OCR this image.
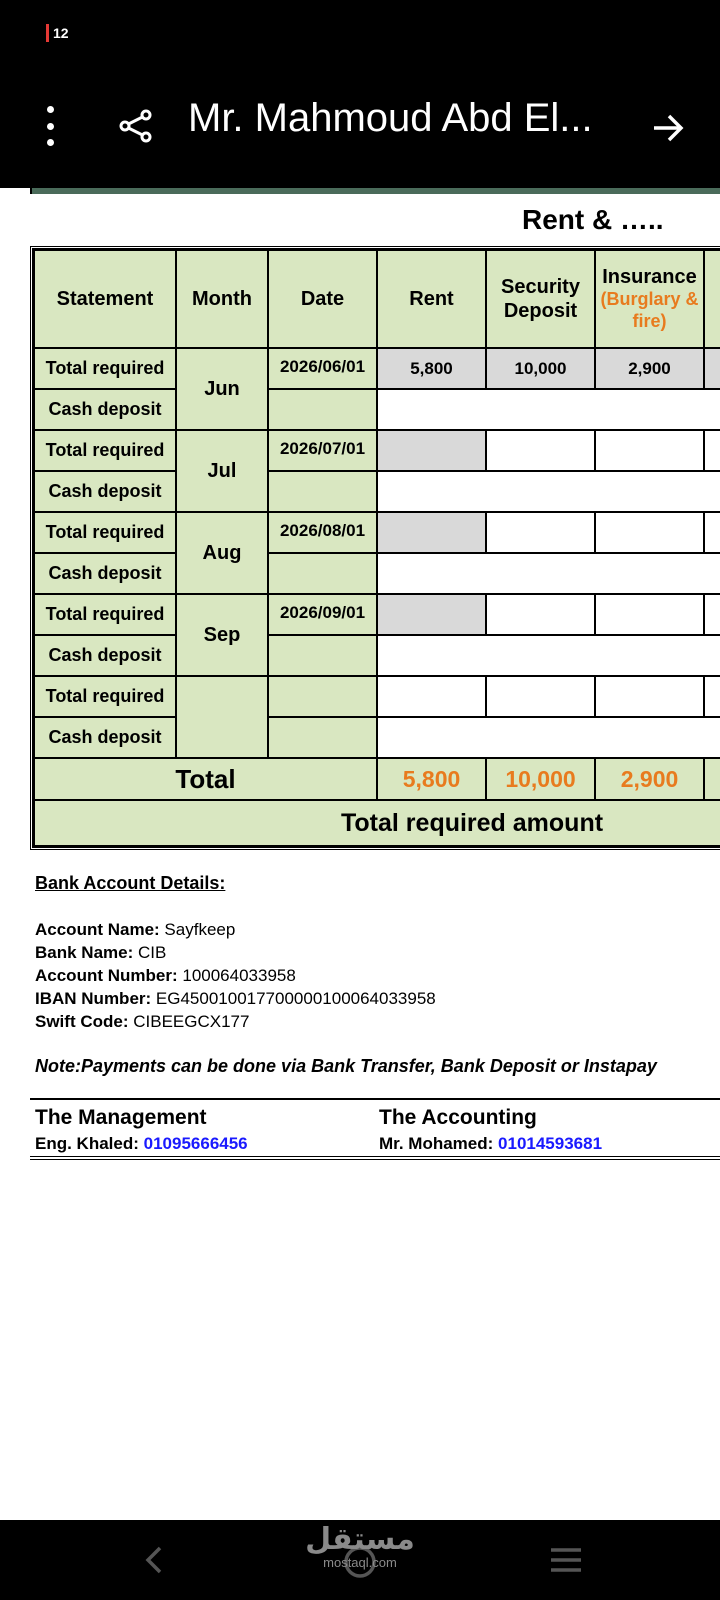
12
Mr. Mahmoud Abd El...
Rent & …..
Statement	Month	Date	Rent	Security Deposit	Insurance
(Burglary & fire)	

Total required	Jun	2026/06/01	5,800	10,000	2,900	
Cash deposit						
Total required	Jul	2026/07/01				
Cash deposit						
Total required	Aug	2026/08/01				
Cash deposit						
Total required	Sep	2026/09/01				
Cash deposit						
Total required						
Cash deposit						
Total			5,800	10,000	2,900	
Total required amount						
Bank Account Details:
Account Name: Sayfkeep
Bank Name: CIB
Account Number: 100064033958
IBAN Number: EG450010017700000100064033958
Swift Code: CIBEEGCX177
Note:Payments can be done via Bank Transfer, Bank Deposit or Instapay
The Management
Eng. Khaled: 01095666456
The Accounting
Mr. Mohamed: 01014593681
مستقل
mostaql.com
